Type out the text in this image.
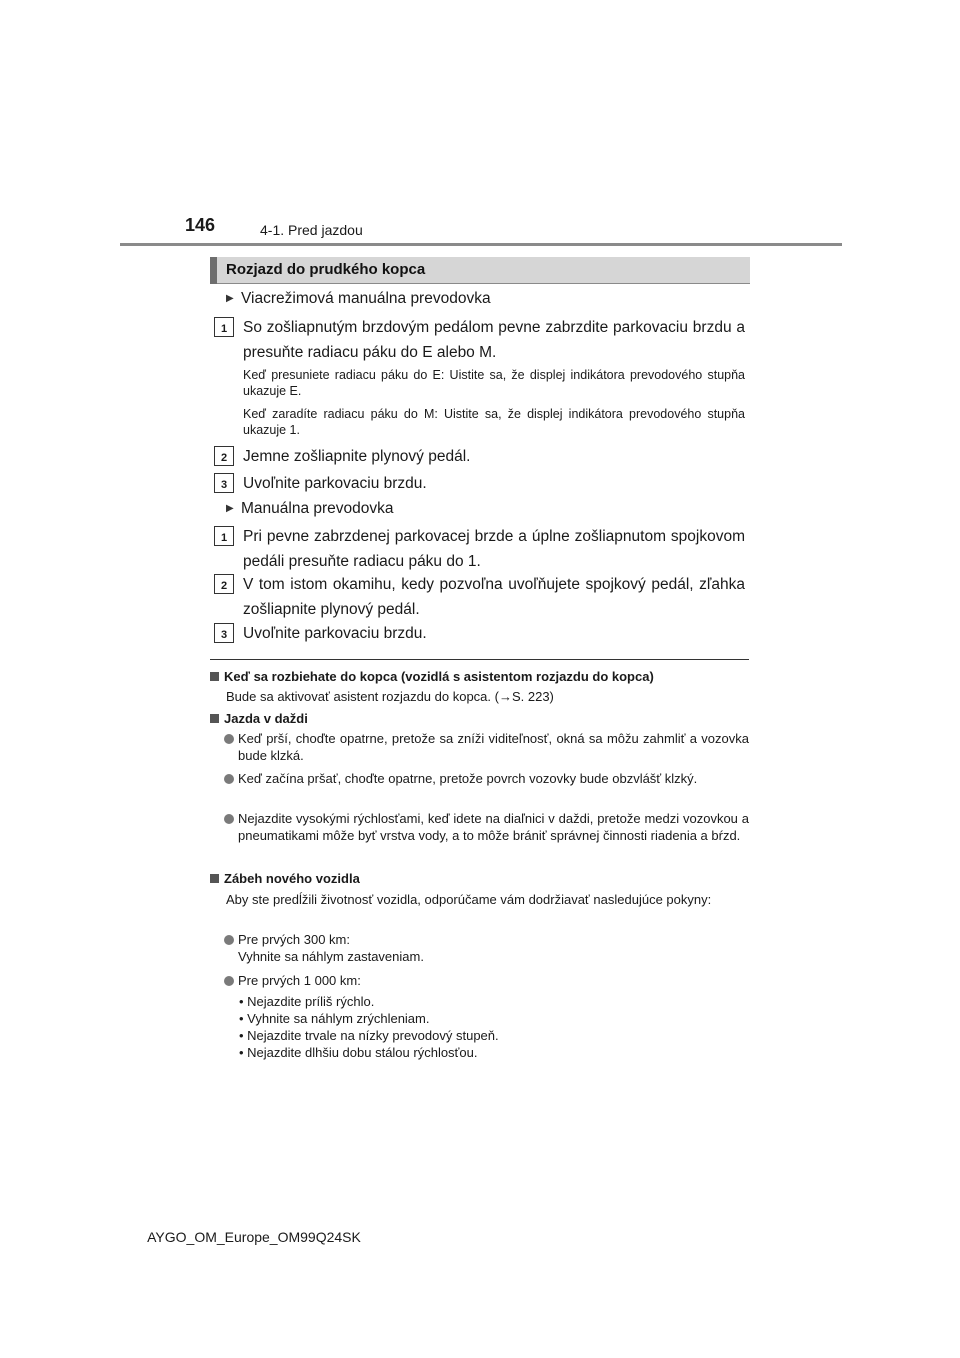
146	4-1. Pred jazdou
Rozjazd do prudkého kopca
▶ Viacrežimová manuálna prevodovka
1	So zošliapnutým brzdovým pedálom pevne zabrzdite parkovaciu brzdu a presuňte radiacu páku do E alebo M.
Keď presuniete radiacu páku do E: Uistite sa, že displej indikátora prevodového stupňa ukazuje E.
Keď zaradíte radiacu páku do M: Uistite sa, že displej indikátora prevodového stupňa ukazuje 1.
2	Jemne zošliapnite plynový pedál.
3	Uvoľnite parkovaciu brzdu.
▶ Manuálna prevodovka
1	Pri pevne zabrzdenej parkovacej brzde a úplne zošliapnutom spojkovom pedáli presuňte radiacu páku do 1.
2	V tom istom okamihu, kedy pozvoľna uvoľňujete spojkový pedál, zľahka zošliapnite plynový pedál.
3	Uvoľnite parkovaciu brzdu.
Keď sa rozbiehate do kopca (vozidlá s asistentom rozjazdu do kopca)
Bude sa aktivovať asistent rozjazdu do kopca. (→S. 223)
Jazda v daždi
Keď prší, choďte opatrne, pretože sa zníži viditeľnosť, okná sa môžu zahmliť a vozovka bude klzká.
Keď začína pršať, choďte opatrne, pretože povrch vozovky bude obzvlášť klzký.
Nejazdite vysokými rýchlosťami, keď idete na diaľnici v daždi, pretože medzi vozovkou a pneumatikami môže byť vrstva vody, a to môže brániť správnej činnosti riadenia a bŕzd.
Zábeh nového vozidla
Aby ste predĺžili životnosť vozidla, odporúčame vám dodržiavať nasledujúce pokyny:
Pre prvých 300 km:
Vyhnite sa náhlym zastaveniam.
Pre prvých 1 000 km:
• Nejazdite príliš rýchlo.
• Vyhnite sa náhlym zrýchleniam.
• Nejazdite trvale na nízky prevodový stupeň.
• Nejazdite dlhšiu dobu stálou rýchlosťou.
AYGO_OM_Europe_OM99Q24SK
